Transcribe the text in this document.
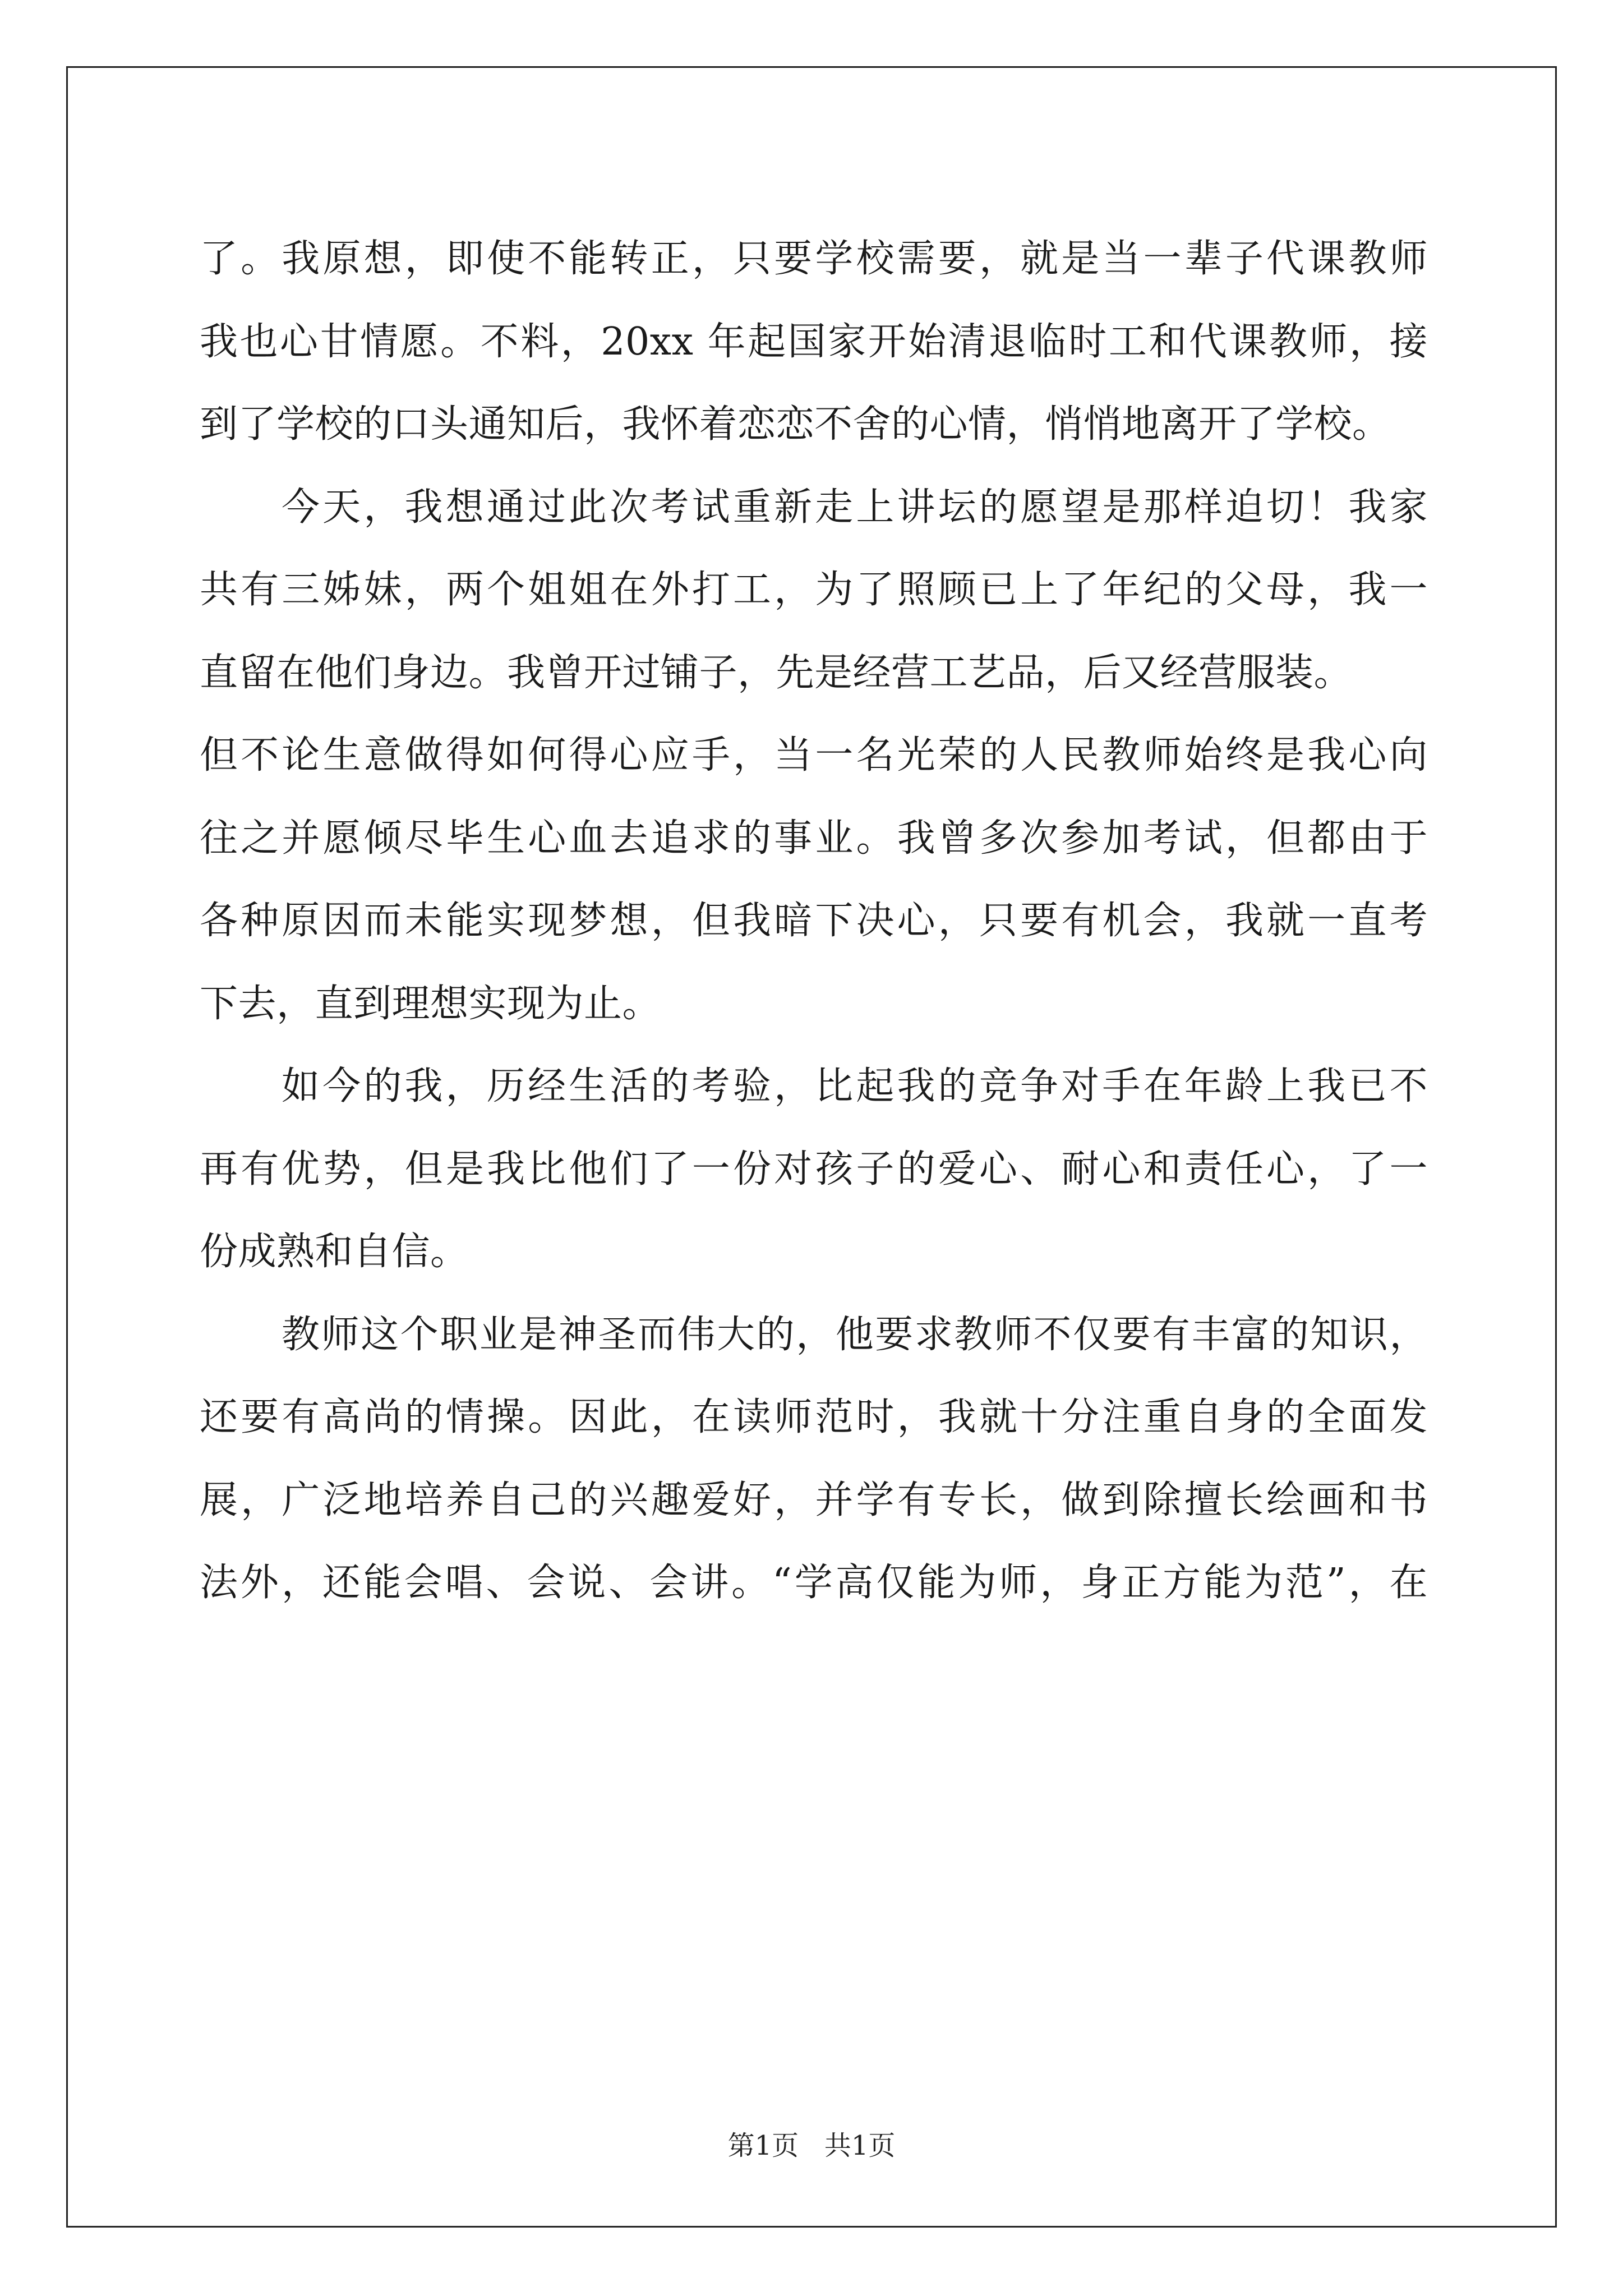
了。我原想，即使不能转正，只要学校需要，就是当一辈子代课教师
我也心甘情愿。不料，20xx 年起国家开始清退临时工和代课教师，接
到了学校的口头通知后，我怀着恋恋不舍的心情，悄悄地离开了学校。
今天，我想通过此次考试重新走上讲坛的愿望是那样迫切！我家
共有三姊妹，两个姐姐在外打工，为了照顾已上了年纪的父母，我一
直留在他们身边。我曾开过铺子，先是经营工艺品，后又经营服装。
但不论生意做得如何得心应手，当一名光荣的人民教师始终是我心向
往之并愿倾尽毕生心血去追求的事业。我曾多次参加考试，但都由于
各种原因而未能实现梦想，但我暗下决心，只要有机会，我就一直考
下去，直到理想实现为止。
如今的我，历经生活的考验，比起我的竞争对手在年龄上我已不
再有优势，但是我比他们了一份对孩子的爱心、耐心和责任心，了一
份成熟和自信。
教师这个职业是神圣而伟大的，他要求教师不仅要有丰富的知识，
还要有高尚的情操。因此，在读师范时，我就十分注重自身的全面发
展，广泛地培养自己的兴趣爱好，并学有专长，做到除擅长绘画和书
法外，还能会唱、会说、会讲。“学高仅能为师，身正方能为范”，在
第1页   共1页
